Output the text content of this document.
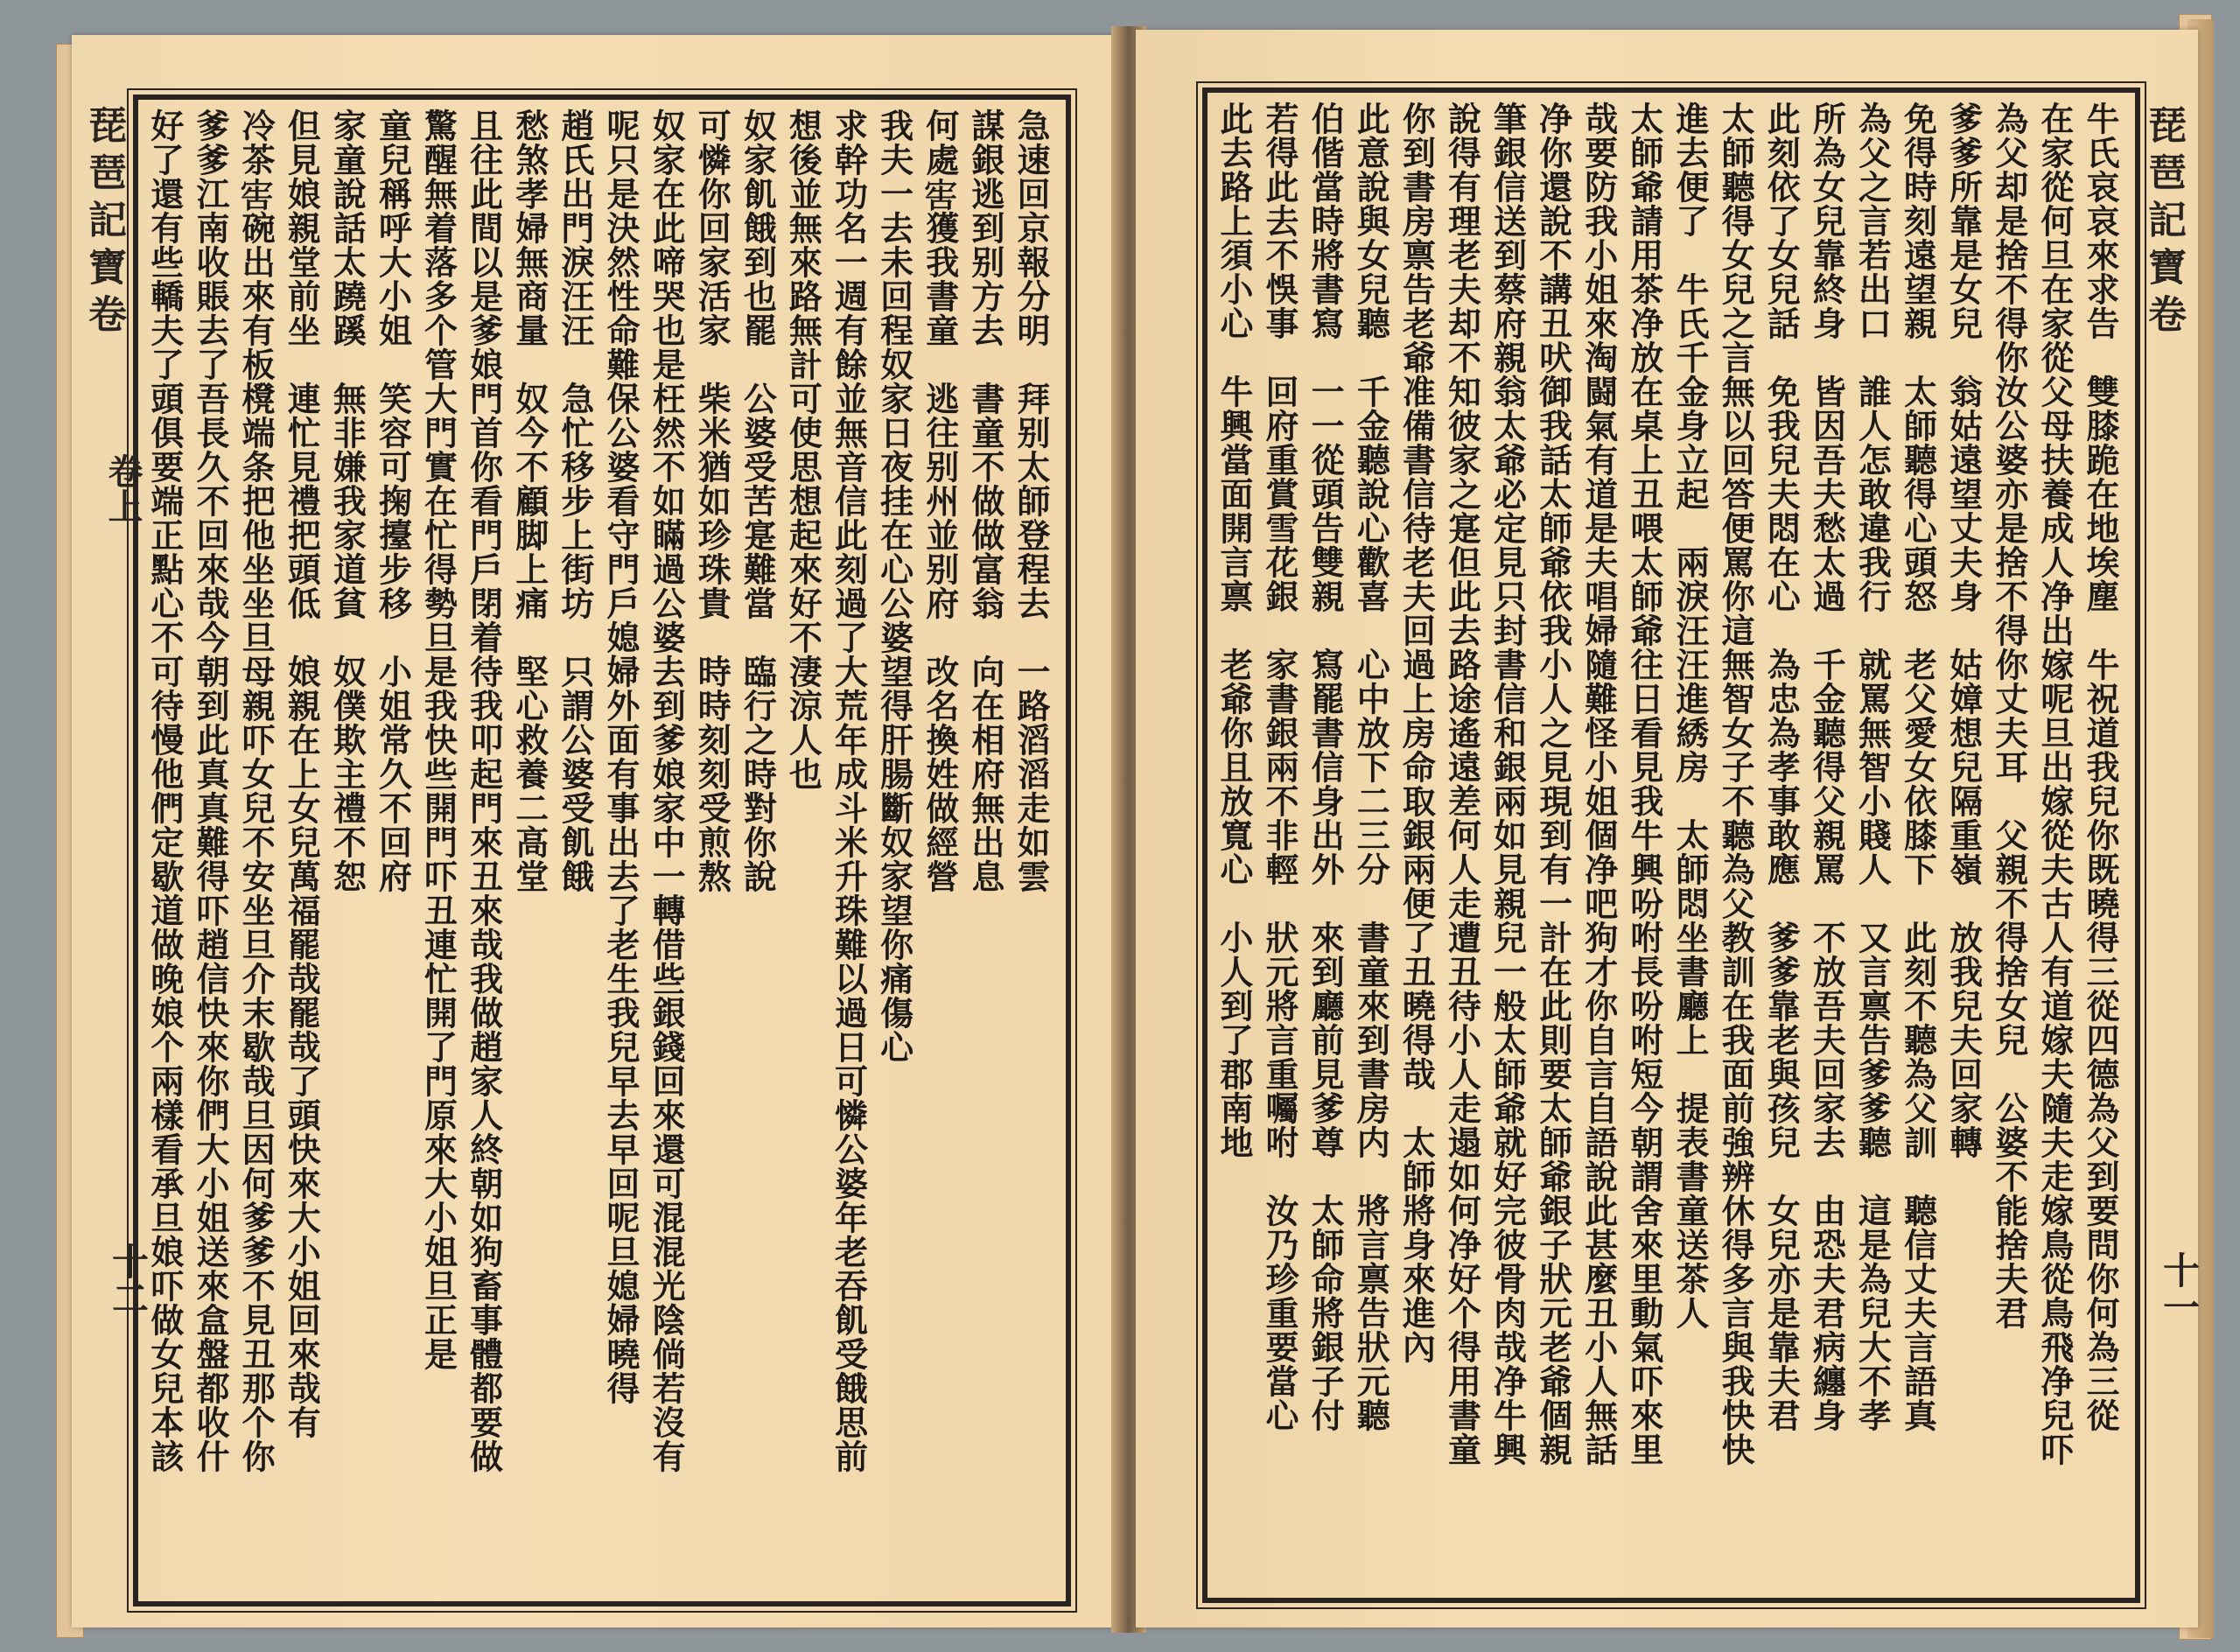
琵琶記寶卷
卷上
十二
急速回京報分明　拜别太師登程去　一路滔滔走如雲
謀銀逃到别方去　書童不做做富翁　向在相府無出息
何處𡨟獲我書童　逃往别州並别府　改名換姓做經營
我夫一去未回程奴家日夜挂在心公婆望得肝腸斷奴家望你痛傷心
求幹功名一週有餘並無音信此刻過了大荒年成斗米升珠難以過日可憐公婆年老吞飢受餓思前
想後並無來路無計可使思想起來好不淒涼人也
奴家飢餓到也罷　公婆受苦寔難當　臨行之時對你說
可憐你回家活家　柴米猶如珍珠貴　時時刻刻受煎熬
奴家在此啼哭也是枉然不如瞞過公婆去到爹娘家中一轉借些銀錢回來還可混混光陰倘若沒有
呢只是決然性命難保公婆看守門戶媳婦外面有事出去了老生我兒早去早回呢旦媳婦曉得
趙氏出門淚汪汪　急忙移步上街坊　只謂公婆受飢餓
愁煞孝婦無商量　奴今不顧脚上痛　堅心救養二高堂
且往此間以是爹娘門首你看門戶閉着待我叩起門來丑來哉我做趙家人終朝如狗畜事體都要做
驚醒無着落多个管大門實在忙得勢旦是我快些開門吓丑連忙開了門原來大小姐旦正是
童兒稱呼大小姐　笑容可掬擡步移　小姐常久不回府
家童說話太蹺蹊　無非嫌我家道貧　奴僕欺主禮不恕
但見娘親堂前坐　連忙見禮把頭低　娘親在上女兒萬福罷哉罷哉了頭快來大小姐回來哉有
冷茶𡨟碗出來有板櫈端条把他坐坐旦母親吓女兒不安坐旦介末歇哉旦因何爹爹不見丑那个你
爹爹江南收賬去了吾長久不回來哉今朝到此真真難得吓趙信快來你們大小姐送來盒盤都收什
好了還有些轎夫了頭俱要端正點心不可待慢他們定歇道做晚娘个兩樣看承旦娘吓做女兒本該	琵琶記寶卷
十一
牛氏哀哀來求告　雙膝跪在地埃塵　牛祝道我兒你既曉得三從四德為父到要問你何為三從
在家從何旦在家從父母扶養成人净出嫁呢旦出嫁從夫古人有道嫁夫隨夫走嫁鳥從鳥飛净兒吓
為父却是捨不得你汝公婆亦是捨不得你丈夫耳　父親不得捨女兒　公婆不能捨夫君
爹爹所靠是女兒　翁姑遠望丈夫身　姑嫜想兒隔重嶺　放我兒夫回家轉
免得時刻遠望親　太師聽得心頭怒　老父愛女依膝下　此刻不聽為父訓　聽信丈夫言語真
為父之言若出口　誰人怎敢違我行　就罵無智小賤人　又言禀告爹爹聽　這是為兒大不孝
所為女兒靠終身　皆因吾夫愁太過　千金聽得父親罵　不放吾夫回家去　由恐夫君病纏身
此刻依了女兒話　免我兒夫悶在心　為忠為孝事敢應　爹爹靠老與孩兒　女兒亦是靠夫君
太師聽得女兒之言無以回答便罵你這無智女子不聽為父教訓在我面前強辨休得多言與我快快
進去便了　牛氏千金身立起　兩淚汪汪進綉房　太師悶坐書廳上　提表書童送茶人
太師爺請用茶净放在桌上丑喂太師爺往日看見我牛興吩咐長吩咐短今朝謂舍來里動氣吓來里
哉要防我小姐來淘闘氣有道是夫唱婦隨難怪小姐個净吧狗才你自言自語說此甚麼丑小人無話
净你還說不講丑吠御我話太師爺依我小人之見現到有一計在此則要太師爺銀子狀元老爺個親
筆銀信送到蔡府親翁太爺必定見只封書信和銀兩如見親兒一般太師爺就好完彼骨肉哉净牛興
說得有理老夫却不知彼家之寔但此去路途遙遠差何人走遭丑待小人走遢如何净好个得用書童
你到書房禀告老爺准備書信待老夫回過上房命取銀兩便了丑曉得哉　太師將身來進內
此意說與女兒聽　千金聽說心歡喜　心中放下二三分　書童來到書房内　將言禀告狀元聽
伯偕當時將書寫　一一從頭告雙親　寫罷書信身出外　來到廳前見爹尊　太師命將銀子付
若得此去不悞事　回府重賞雪花銀　家書銀兩不非輕　狀元將言重囑咐　汝乃珍重要當心
此去路上須小心　牛興當面開言禀　老爺你且放寬心　小人到了郡南地
